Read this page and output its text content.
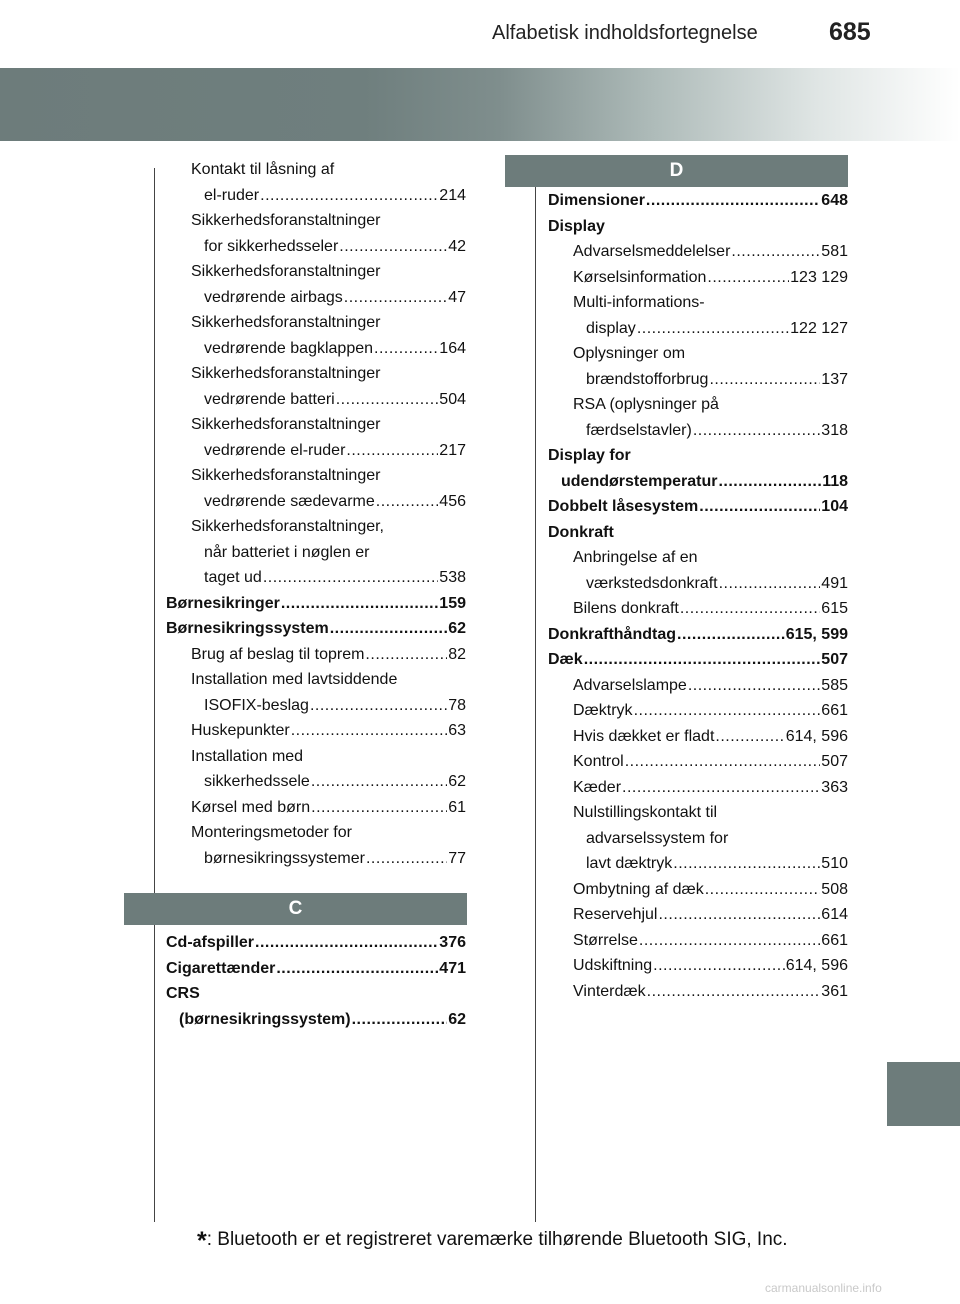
Alfabetisk indholdsfortegnelse	685
Kontakt til låsning af
el-ruder .....	214
Sikkerhedsforanstaltninger
for sikkerhedsseler .....	42
Sikkerhedsforanstaltninger
vedrørende airbags .....	47
Sikkerhedsforanstaltninger
vedrørende bagklappen .....	164
Sikkerhedsforanstaltninger
vedrørende batteri .....	504
Sikkerhedsforanstaltninger
vedrørende el-ruder .....	217
Sikkerhedsforanstaltninger
vedrørende sædevarme .....	456
Sikkerhedsforanstaltninger,
når batteriet i nøglen er
taget ud .....	538
Børnesikringer .....	159
Børnesikringssystem .....	62
Brug af beslag til toprem .....	82
Installation med lavtsiddende
ISOFIX-beslag .....	78
Huskepunkter .....	63
Installation med
sikkerhedssele .....	62
Kørsel med børn .....	61
Monteringsmetoder for
børnesikringssystemer .....	77
C
Cd-afspiller .....	376
Cigarettænder .....	471
CRS
(børnesikringssystem) .....	62
D
Dimensioner .....	648
Display
Advarselsmeddelelser .....	581
Kørselsinformation .....	123 129
Multi-informations-
display .....	122 127
Oplysninger om
brændstofforbrug .....	137
RSA (oplysninger på
færdselstavler) .....	318
Display for
udendørstemperatur .....	118
Dobbelt låsesystem .....	104
Donkraft
Anbringelse af en
værkstedsdonkraft .....	491
Bilens donkraft .....	615
Donkrafthåndtag .....	615, 599
Dæk .....	507
Advarselslampe .....	585
Dæktryk .....	661
Hvis dækket er fladt .....	614, 596
Kontrol .....	507
Kæder .....	363
Nulstillingskontakt til
advarselssystem for
lavt dæktryk .....	510
Ombytning af dæk .....	508
Reservehjul .....	614
Størrelse .....	661
Udskiftning .....	614, 596
Vinterdæk .....	361
*: Bluetooth er et registreret varemærke tilhørende Bluetooth SIG, Inc.
carmanualsonline.info
